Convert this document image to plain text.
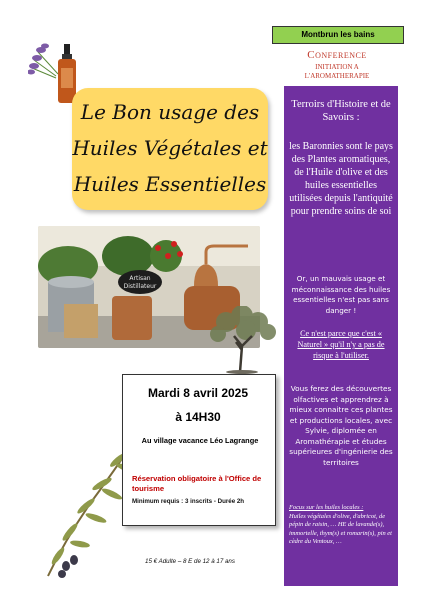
Montbrun les bains
Conference
INITIATION A
L'AROMATHERAPIE
Le Bon usage des
Huiles Végétales et
Huiles Essentielles
Artisan
Distillateur
Terroirs d'Histoire et de Savoirs :
les Baronnies sont le pays des Plantes aromatiques, de l'Huile d'olive et des huiles essentielles utilisées depuis l'antiquité pour prendre soins de soi
Or, un mauvais usage et méconnaissance des huiles essentielles n'est pas sans danger !
Ce n'est parce que c'est « Naturel » qu'il n'y a pas de risque à l'utiliser.
Vous ferez des découvertes olfactives et apprendrez à mieux connaitre ces plantes et productions locales, avec Sylvie, diplomée en Aromathérapie et études supérieures d'ingénierie des territoires
Focus sur les huiles locales :
Huiles végétales d'olive, d'abricot, de pépin de raisin, … HE de lavande(s), immortelle, thym(s) et romarin(s), pin et cèdre du Ventoux, …
Mardi 8 avril 2025
à 14H30
Au village vacance Léo Lagrange
Réservation obligatoire à l'Office de tourisme
Minimum requis : 3 inscrits - Durée 2h
15 € Adulte – 8 E de 12 à 17 ans
